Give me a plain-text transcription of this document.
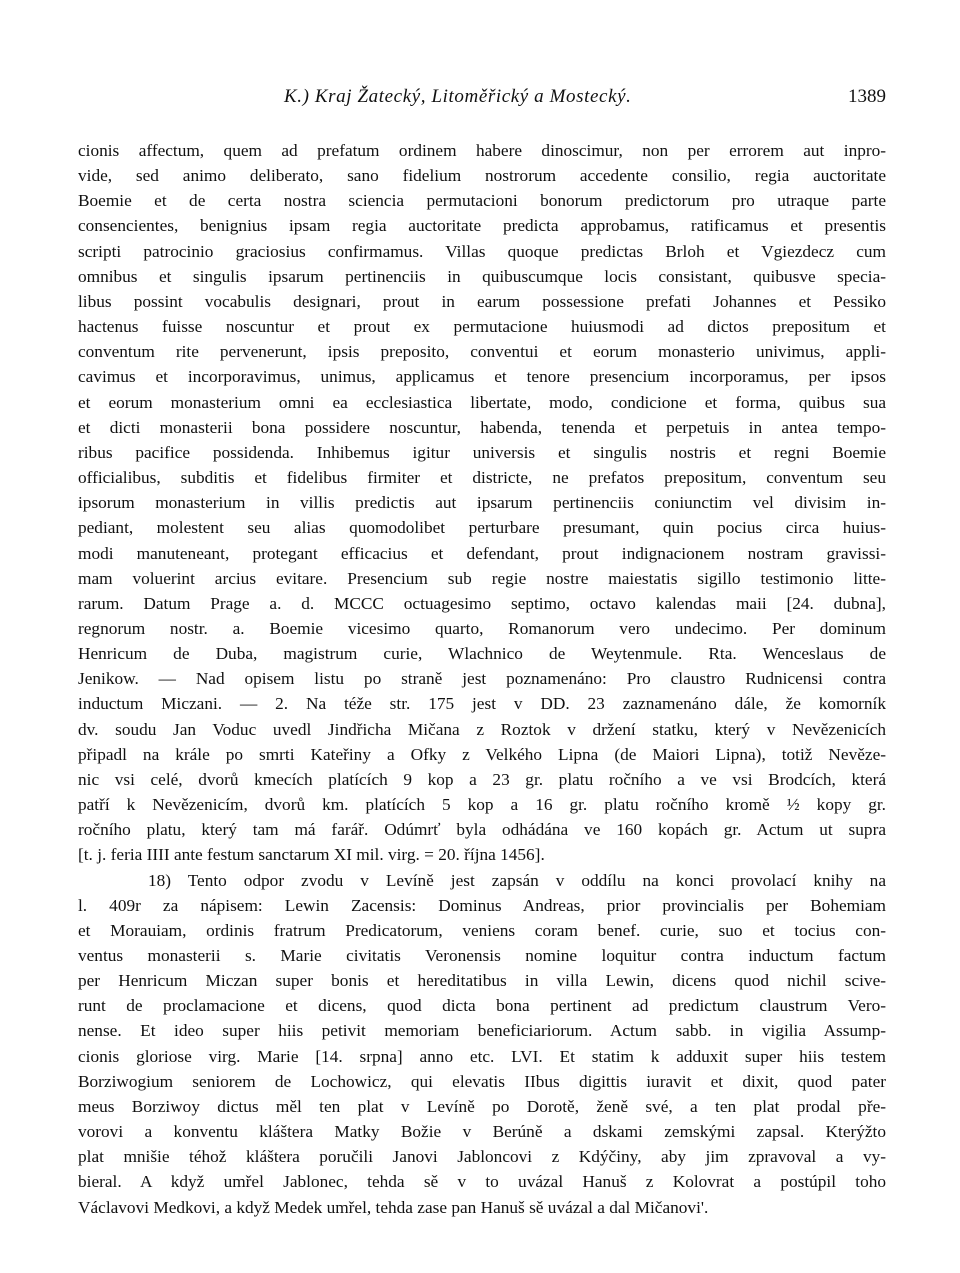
K.) Kraj Žatecký, Litoměřický a Mostecký.	1389
cionis affectum, quem ad prefatum ordinem habere dinoscimur, non per errorem aut inpro-
vide, sed animo deliberato, sano fidelium nostrorum accedente consilio, regia auctoritate
Boemie et de certa nostra sciencia permutacioni bonorum predictorum pro utraque parte
consencientes, benignius ipsam regia auctoritate predicta approbamus, ratificamus et presentis
scripti patrocinio graciosius confirmamus. Villas quoque predictas Brloh et Vgiezdecz cum
omnibus et singulis ipsarum pertinenciis in quibuscumque locis consistant, quibusve specia-
libus possint vocabulis designari, prout in earum possessione prefati Johannes et Pessiko
hactenus fuisse noscuntur et prout ex permutacione huiusmodi ad dictos prepositum et
conventum rite pervenerunt, ipsis preposito, conventui et eorum monasterio univimus, appli-
cavimus et incorporavimus, unimus, applicamus et tenore presencium incorporamus, per ipsos
et eorum monasterium omni ea ecclesiastica libertate, modo, condicione et forma, quibus sua
et dicti monasterii bona possidere noscuntur, habenda, tenenda et perpetuis in antea tempo-
ribus pacifice possidenda. Inhibemus igitur universis et singulis nostris et regni Boemie
officialibus, subditis et fidelibus firmiter et districte, ne prefatos prepositum, conventum seu
ipsorum monasterium in villis predictis aut ipsarum pertinenciis coniunctim vel divisim in-
pediant, molestent seu alias quomodolibet perturbare presumant, quin pocius circa huius-
modi manuteneant, protegant efficacius et defendant, prout indignacionem nostram gravissi-
mam voluerint arcius evitare. Presencium sub regie nostre maiestatis sigillo testimonio litte-
rarum. Datum Prage a. d. MCCC octuagesimo septimo, octavo kalendas maii [24. dubna],
regnorum nostr. a. Boemie vicesimo quarto, Romanorum vero undecimo. Per dominum
Henricum de Duba, magistrum curie, Wlachnico de Weytenmule. Rta. Wenceslaus de
Jenikow. — Nad opisem listu po straně jest poznamenáno: Pro claustro Rudnicensi contra
inductum Miczani. — 2. Na téže str. 175 jest v DD. 23 zaznamenáno dále, že komorník
dv. soudu Jan Voduc uvedl Jindřicha Mičana z Roztok v držení statku, který v Nevězenicích
připadl na krále po smrti Kateřiny a Ofky z Velkého Lipna (de Maiori Lipna), totiž Nevěze-
nic vsi celé, dvorů kmecích platících 9 kop a 23 gr. platu ročního a ve vsi Brodcích, která
patří k Nevězenicím, dvorů km. platících 5 kop a 16 gr. platu ročního kromě ½ kopy gr.
ročního platu, který tam má farář. Odúmrť byla odhádána ve 160 kopách gr. Actum ut supra
[t. j. feria IIII ante festum sanctarum XI mil. virg. = 20. října 1456].
18) Tento odpor zvodu v Levíně jest zapsán v oddílu na konci provolací knihy na
l. 409r za nápisem: Lewin Zacensis: Dominus Andreas, prior provincialis per Bohemiam
et Morauiam, ordinis fratrum Predicatorum, veniens coram benef. curie, suo et tocius con-
ventus monasterii s. Marie civitatis Veronensis nomine loquitur contra inductum factum
per Henricum Miczan super bonis et hereditatibus in villa Lewin, dicens quod nichil scive-
runt de proclamacione et dicens, quod dicta bona pertinent ad predictum claustrum Vero-
nense. Et ideo super hiis petivit memoriam beneficiariorum. Actum sabb. in vigilia Assump-
cionis gloriose virg. Marie [14. srpna] anno etc. LVI. Et statim k adduxit super hiis testem
Borziwogium seniorem de Lochowicz, qui elevatis IIbus digittis iuravit et dixit, quod pater
meus Borziwoy dictus měl ten plat v Levíně po Dorotě, ženě své, a ten plat prodal pře-
vorovi a konventu kláštera Matky Božie v Berúně a dskami zemskými zapsal. Kterýžto
plat mnišie téhož kláštera poručili Janovi Jabloncovi z Kdýčiny, aby jim zpravoval a vy-
bieral. A když umřel Jablonec, tehda sě v to uvázal Hanuš z Kolovrat a postúpil toho
Václavovi Medkovi, a když Medek umřel, tehda zase pan Hanuš sě uvázal a dal Mičanovi'.
